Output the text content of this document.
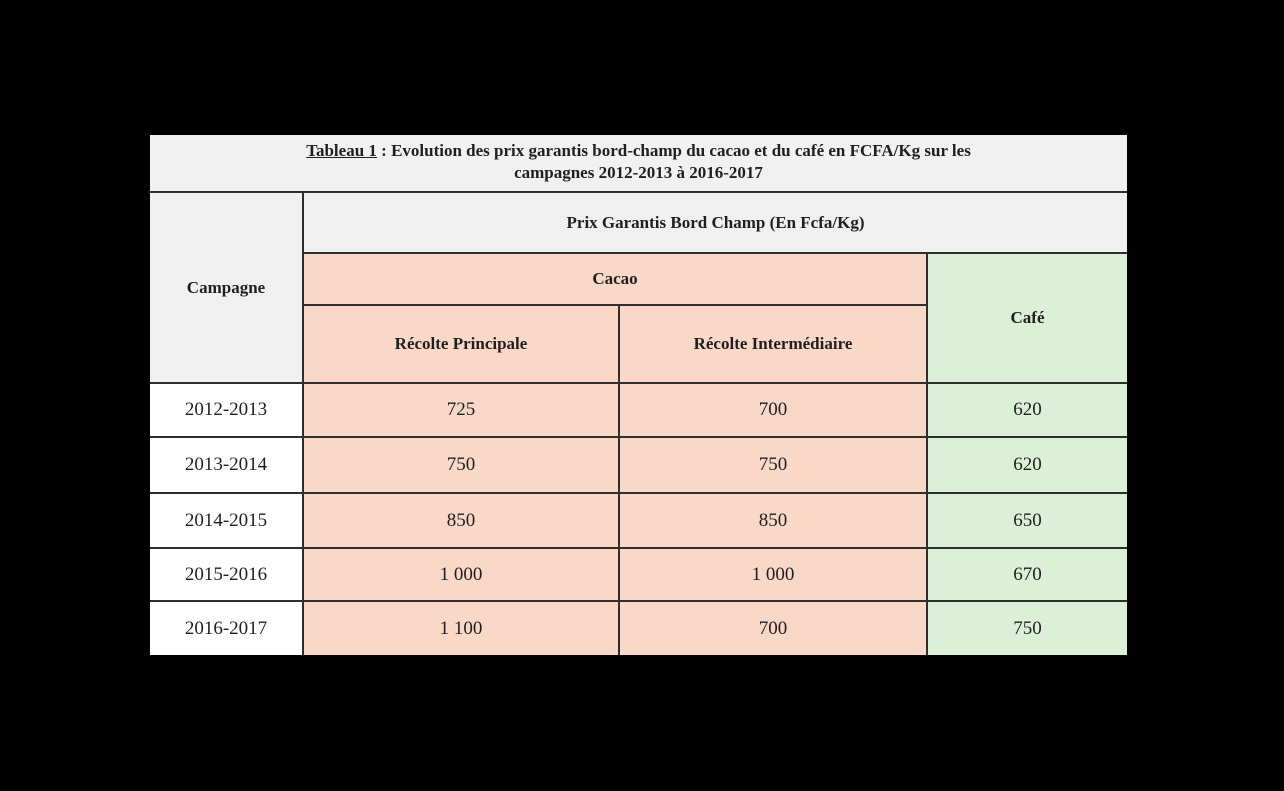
Tableau 1 : Evolution des prix garantis bord-champ du cacao et du café en FCFA/Kg sur les
campagnes 2012-2013 à 2016-2017
Campagne	Prix Garantis Bord Champ (En Fcfa/Kg)		
	Cacao		Café
	Récolte Principale	Récolte Intermédiaire	
2012-2013	725	700	620
2013-2014	750	750	620
2014-2015	850	850	650
2015-2016	1 000	1 000	670
2016-2017	1 100	700	750
